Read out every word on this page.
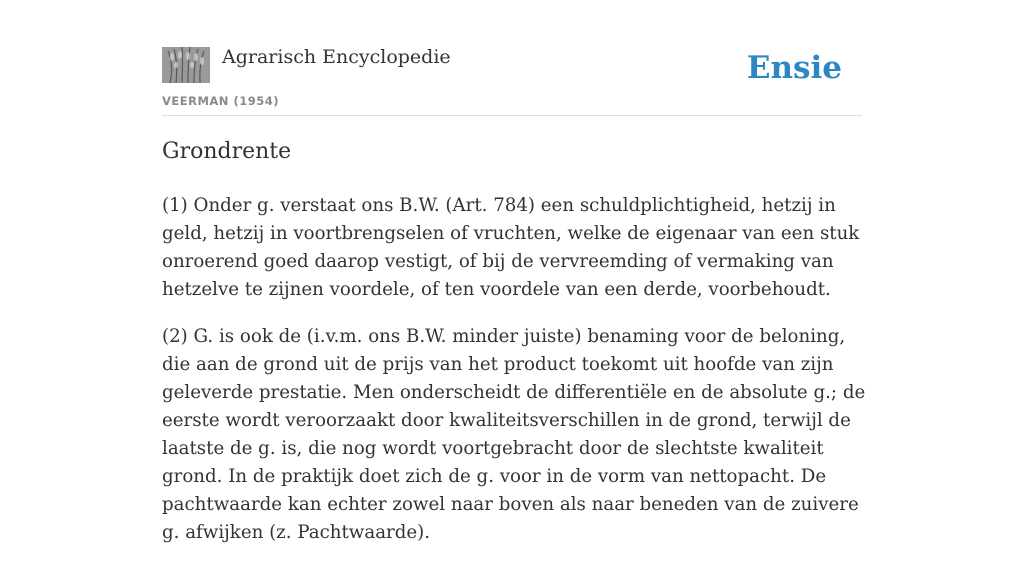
Agrarisch Encyclopedie
VEERMAN (1954)
Ensie
Grondrente

(1) Onder g. verstaat ons B.W. (Art. 784) een schuldplichtigheid, hetzij in geld, hetzij in voortbrengselen of vruchten, welke de eigenaar van een stuk onroerend goed daarop vestigt, of bij de vervreemding of vermaking van hetzelve te zijnen voordele, of ten voordele van een derde, voorbehoudt.

(2) G. is ook de (i.v.m. ons B.W. minder juiste) benaming voor de beloning, die aan de grond uit de prijs van het product toekomt uit hoofde van zijn geleverde prestatie. Men onderscheidt de differentiële en de absolute g.; de eerste wordt veroorzaakt door kwaliteitsverschillen in de grond, terwijl de laatste de g. is, die nog wordt voortgebracht door de slechtste kwaliteit grond. In de praktijk doet zich de g. voor in de vorm van nettopacht. De pachtwaarde kan echter zowel naar boven als naar beneden van de zuivere g. afwijken (z. Pachtwaarde).
